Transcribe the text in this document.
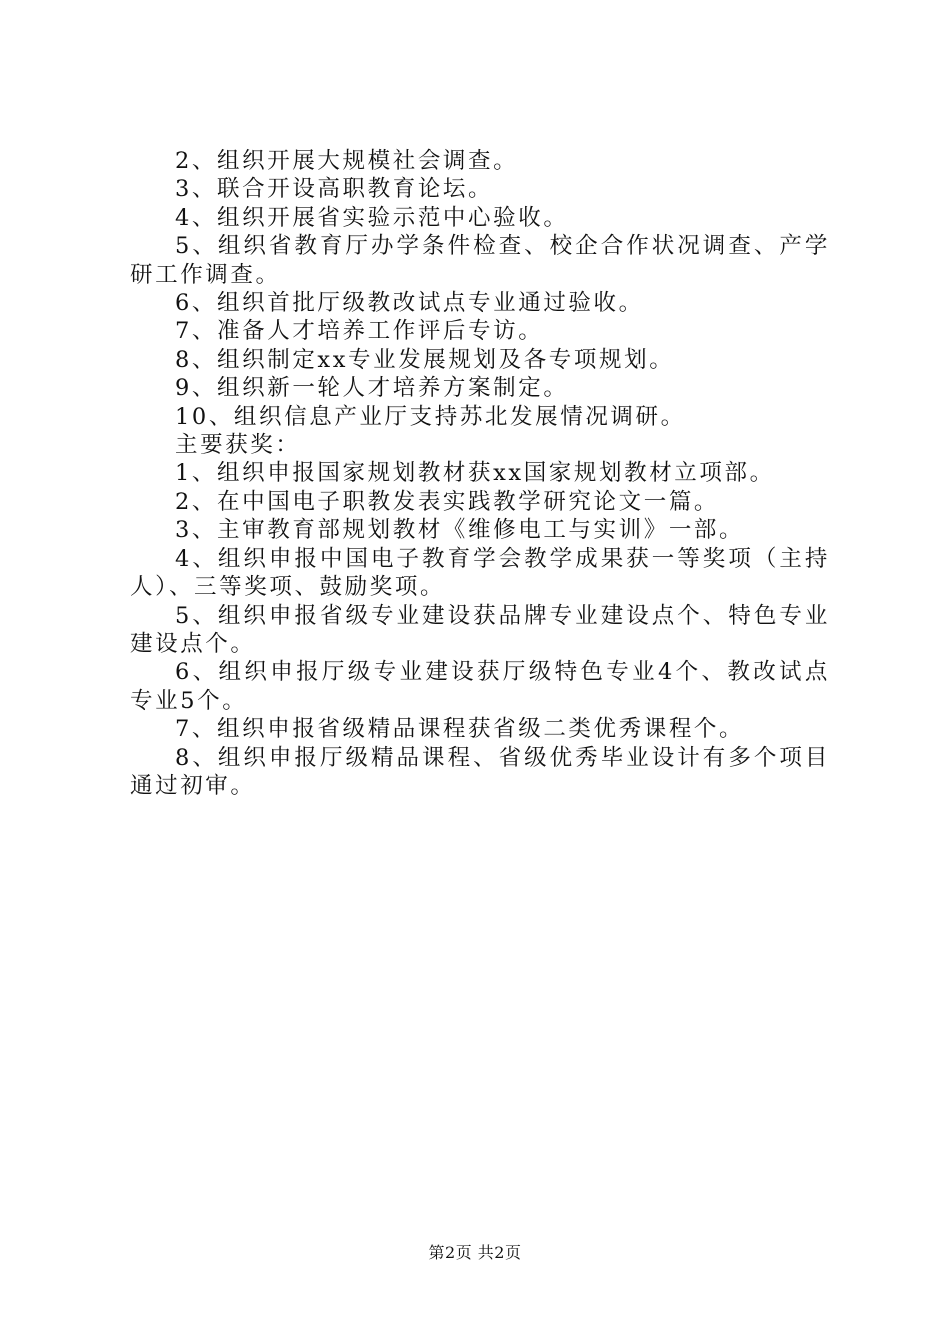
2、组织开展大规模社会调查。

3、联合开设高职教育论坛。

4、组织开展省实验示范中心验收。

5、组织省教育厅办学条件检查、校企合作状况调查、产学研工作调查。

6、组织首批厅级教改试点专业通过验收。

7、准备人才培养工作评后专访。

8、组织制定xx专业发展规划及各专项规划。

9、组织新一轮人才培养方案制定。

10、组织信息产业厅支持苏北发展情况调研。

主要获奖：

1、组织申报国家规划教材获xx国家规划教材立项部。

2、在中国电子职教发表实践教学研究论文一篇。

3、主审教育部规划教材《维修电工与实训》一部。

4、组织申报中国电子教育学会教学成果获一等奖项（主持人）、三等奖项、鼓励奖项。

5、组织申报省级专业建设获品牌专业建设点个、特色专业建设点个。

6、组织申报厅级专业建设获厅级特色专业4个、教改试点专业5个。

7、组织申报省级精品课程获省级二类优秀课程个。

8、组织申报厅级精品课程、省级优秀毕业设计有多个项目通过初审。

第2页 共2页
